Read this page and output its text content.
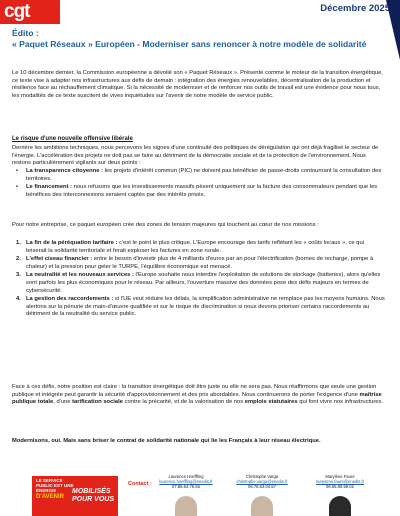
cgt	Décembre 2025
Édito :
« Paquet Réseaux » Européen - Moderniser sans renoncer à notre modèle de solidarité
Le 10 décembre dernier, la Commission européenne a dévoilé son « Paquet Réseaux ». Présenté comme le moteur de la transition énergétique, ce texte vise à adapter nos infrastructures aux défis de demain : intégration des énergies renouvelables, décentralisation de la production et résilience face au réchauffement climatique. Si la nécessité de moderniser et de renforcer nos outils de travail est une évidence pour nous tous, les modalités de ce texte suscitent de vives inquiétudes sur l'avenir de notre modèle de service public.
Le risque d'une nouvelle offensive libérale
Derrière les ambitions techniques, nous percevons les signes d'une continuité des politiques de dérégulation qui ont déjà fragilisé le secteur de l'énergie. L'accélération des projets ne doit pas se faire au détriment de la démocratie sociale et de la protection de l'environnement. Nous restons particulièrement vigilants sur deux points :
• La transparence citoyenne : les projets d'intérêt commun (PIC) ne doivent pas bénéficier de passe-droits contournant la consultation des territoires.
• Le financement : nous refusons que les investissements massifs pèsent uniquement sur la facture des consommateurs pendant que les bénéfices des interconnexions seraient captés par des intérêts privés.
Pour notre entreprise, ce paquet européen crée des zones de tension majeures qui touchent au cœur de nos missions :
1. La fin de la péréquation tarifaire : c'est le point le plus critique. L'Europe encourage des tarifs reflétant les « coûts locaux », ce qui briserait la solidarité territoriale et ferait exploser les factures en zone rurale.
2. L'effet ciseau financier : entre le besoin d'investir plus de 4 milliards d'euros par an pour l'électrification (bornes de recharge, pompe à chaleur) et la pression pour geler le TURPE, l'équilibre économique est menacé.
3. La neutralité et les nouveaux services : l'Europe souhaite nous interdire l'exploitation de solutions de stockage (batteries), alors qu'elles sont parfois les plus économiques pour le réseau. Par ailleurs, l'ouverture massive des données pose des défis majeurs en termes de cybersécurité.
4. La gestion des raccordements : si l'UE veut réduire les délais, la simplification administrative ne remplace pas les moyens humains. Nous alertons sur la pénurie de main-d'œuvre qualifiée et sur le risque de discrimination si nous devons prioriser certains raccordements au détriment de la neutralité du service public.
Face à ces défis, notre position est claire : la transition énergétique doit être juste ou elle ne sera pas. Nous réaffirmons que seule une gestion publique et intégrée peut garantir la sécurité d'approvisionnement et des prix abordables. Nous continuerons de porter l'exigence d'une maîtrise publique totale, d'une tarification sociale contre la précarité, et de la valorisation de nos emplois statutaires qui font vivre nos infrastructures.
Modernisons, oui. Mais sans briser le contrat de solidarité nationale qui lie les Français à leur réseau électrique.
LE SERVICE PUBLIC EST UNE ÉNERGIE
D'AVENIR
MOBILISÉS POUR VOUS
Contact :
Laurence Hoeffling
laurence.hoeffling@enedis.fr
07.85.54.76.55
Christophe Varga
christophe.varga@enedis.fr
06.78.63.04.57
Marylène Faure
marylene.faure@enedis.fr
06.65.89.59.02
